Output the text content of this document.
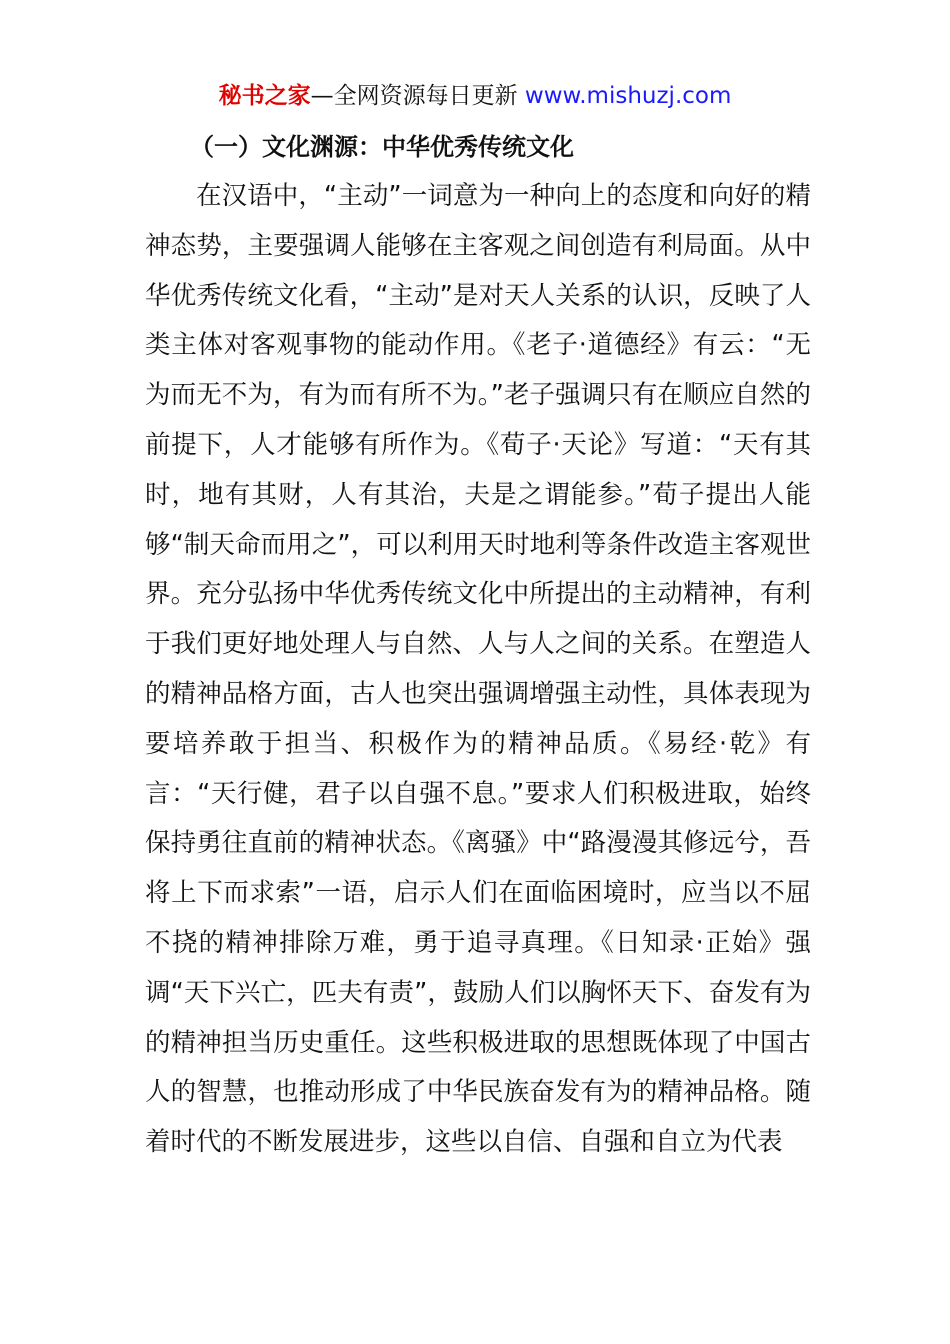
秘书之家—全网资源每日更新 www.mishuzj.com
（一）文化渊源：中华优秀传统文化

在汉语中，“主动”一词意为一种向上的态度和向好的精神态势，主要强调人能够在主客观之间创造有利局面。从中华优秀传统文化看，“主动”是对天人关系的认识，反映了人类主体对客观事物的能动作用。《老子·道德经》有云：“无为而无不为，有为而有所不为。”老子强调只有在顺应自然的前提下，人才能够有所作为。《荀子·天论》写道：“天有其时，地有其财，人有其治，夫是之谓能参。”荀子提出人能够“制天命而用之”，可以利用天时地利等条件改造主客观世界。充分弘扬中华优秀传统文化中所提出的主动精神，有利于我们更好地处理人与自然、人与人之间的关系。在塑造人的精神品格方面，古人也突出强调增强主动性，具体表现为要培养敢于担当、积极作为的精神品质。《易经·乾》有言：“天行健，君子以自强不息。”要求人们积极进取，始终保持勇往直前的精神状态。《离骚》中“路漫漫其修远兮，吾将上下而求索”一语，启示人们在面临困境时，应当以不屈不挠的精神排除万难，勇于追寻真理。《日知录·正始》强调“天下兴亡，匹夫有责”，鼓励人们以胸怀天下、奋发有为的精神担当历史重任。这些积极进取的思想既体现了中国古人的智慧，也推动形成了中华民族奋发有为的精神品格。随着时代的不断发展进步，这些以自信、自强和自立为代表
